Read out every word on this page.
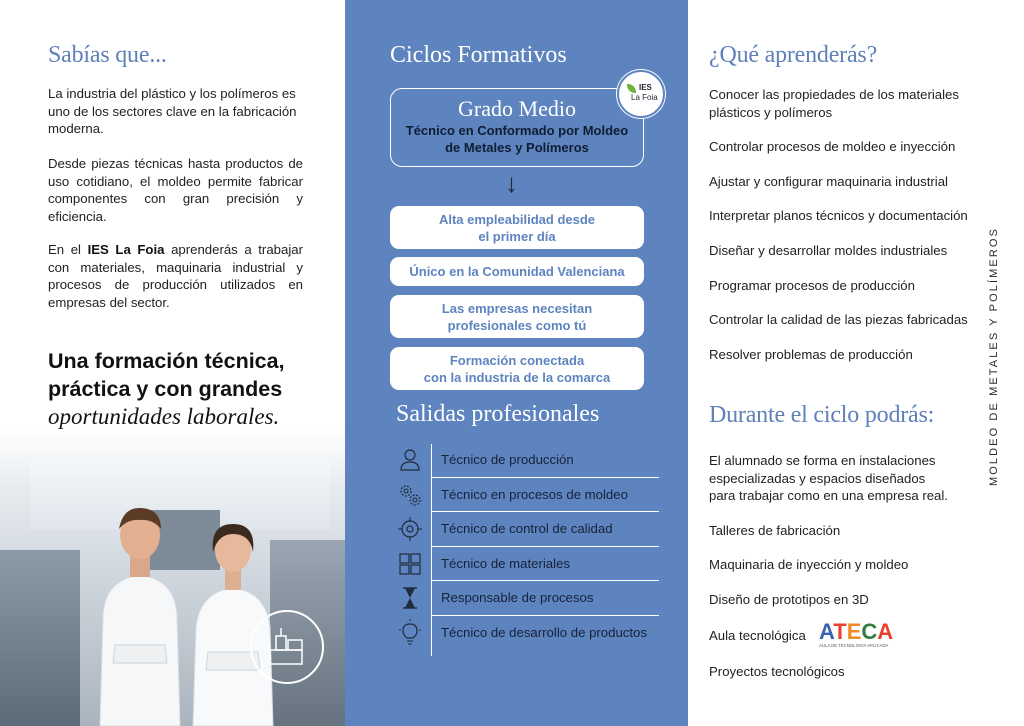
Sabías que...

La industria del plástico y los polímeros es uno de los sectores clave en la fabricación moderna.

Desde piezas técnicas hasta productos de uso cotidiano, el moldeo permite fabricar componentes con gran precisión y eficiencia.

En el IES La Foia aprenderás a trabajar con materiales, maquinaria industrial y procesos de producción utilizados en empresas del sector.

Una formación técnica,
práctica y con grandes
oportunidades laborales.
Ciclos Formativos
Grado Medio
Técnico en Conformado por Moldeo
de Metales y Polímeros
IES
La Foia
↓
Alta empleabilidad desde
el primer día
Único en la Comunidad Valenciana
Las empresas necesitan
profesionales como tú
Formación conectada
con la industria de la comarca
Salidas profesionales
Técnico de producción
Técnico en procesos de moldeo
Técnico de control de calidad
Técnico de materiales
Responsable de procesos
Técnico de desarrollo de productos
¿Qué aprenderás?
Conocer las propiedades de los materiales plásticos y polímeros
Controlar procesos de moldeo e inyección
Ajustar y configurar maquinaria industrial
Interpretar planos técnicos y documentación
Diseñar y desarrollar moldes industriales
Programar procesos de producción
Controlar la calidad de las piezas fabricadas
Resolver problemas de producción
Durante el ciclo podrás:
El alumnado se forma en instalaciones
especializadas y espacios diseñados
para trabajar como en una empresa real.
Talleres de fabricación
Maquinaria de inyección y moldeo
Diseño de prototipos en 3D
Aula tecnológica ATECA
AULA DE TECNOLOGÍA APLICADA
Proyectos tecnológicos
MOLDEO DE METALES Y POLÍMEROS
